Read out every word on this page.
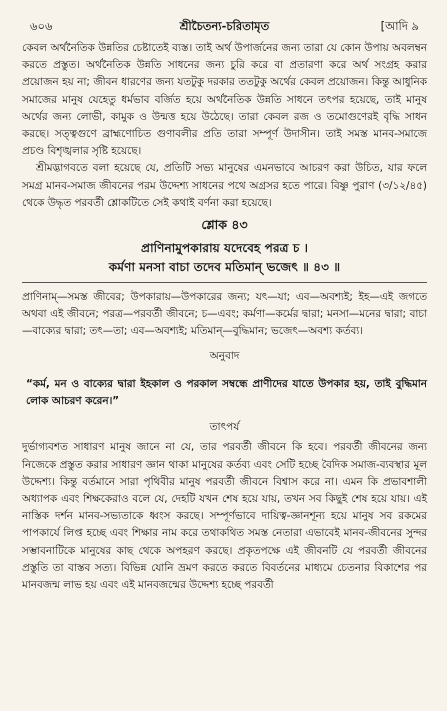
৬০৬	শ্রীচৈতন্য-চরিতামৃত	[আদি ৯

কেবল অর্থনৈতিক উন্নতির চেষ্টাতেই ব্যস্ত। তাই অর্থ উপার্জনের জন্য তারা যে কোন উপায় অবলম্বন করতে প্রস্তুত। অর্থনৈতিক উন্নতি সাধনের জন্য চুরি করে বা প্রতারণা করে অর্থ সংগ্রহ করার প্রয়োজন হয় না; জীবন ধারণের জন্য যতটুকু দরকার ততটুকু অর্থের কেবল প্রয়োজন। কিন্তু আধুনিক সমাজের মানুষ যেহেতু ধর্মভাব বর্জিত হয়ে অর্থনৈতিক উন্নতি সাধনে তৎপর হয়েছে, তাই মানুষ অর্থের জন্য লোভী, কামুক ও উন্মত্ত হয়ে উঠেছে। তারা কেবল রজ ও তমোগুণেরই বৃদ্ধি সাধন করছে। সত্ত্বগুণে ব্রাহ্মণোচিত গুণাবলীর প্রতি তারা সম্পূর্ণ উদাসীন। তাই সমস্ত মানব-সমাজে প্রচণ্ড বিশৃঙ্খলার সৃষ্টি হয়েছে।

শ্রীমদ্ভাগবতে বলা হয়েছে যে, প্রতিটি সভ্য মানুষের এমনভাবে আচরণ করা উচিত, যার ফলে সমগ্র মানব-সমাজ জীবনের পরম উদ্দেশ্য সাধনের পথে অগ্রসর হতে পারে। বিষ্ণু পুরাণ (৩/১২/৪৫) থেকে উদ্ধৃত পরবর্তী শ্লোকটিতে সেই কথাই বর্ণনা করা হয়েছে।

শ্লোক ৪৩
প্রাণিনামুপকারায় যদেবেহ পরত্র চ ।
কর্মণা মনসা বাচা তদেব মতিমান্ ভজেৎ ॥ ৪৩ ॥

প্রাণিনাম্—সমস্ত জীবের; উপকারায়—উপকারের জন্য; যৎ—যা; এব—অবশ্যই; ইহ—এই জগতে অথবা এই জীবনে; পরত্র—পরবর্তী জীবনে; চ—এবং; কর্মণা—কর্মের দ্বারা; মনসা—মনের দ্বারা; বাচা—বাক্যের দ্বারা; তৎ—তা; এব—অবশ্যই; মতিমান্—বুদ্ধিমান; ভজেৎ—অবশ্য কর্তব্য।

অনুবাদ

“কর্ম, মন ও বাক্যের দ্বারা ইহকাল ও পরকাল সম্বন্ধে প্রাণীদের যাতে উপকার হয়, তাই বুদ্ধিমান লোক আচরণ করেন।”

তাৎপর্য

দুর্ভাগ্যবশত সাধারণ মানুষ জানে না যে, তার পরবর্তী জীবনে কি হবে। পরবর্তী জীবনের জন্য নিজেকে প্রস্তুত করার সাধারণ জ্ঞান থাকা মানুষের কর্তব্য এবং সেটি হচ্ছে বৈদিক সমাজ-ব্যবস্থার মূল উদ্দেশ্য। কিন্তু বর্তমানে সারা পৃথিবীর মানুষ পরবর্তী জীবনে বিশ্বাস করে না। এমন কি প্রভাবশালী অধ্যাপক এবং শিক্ষকেরাও বলে যে, দেহটি যখন শেষ হয়ে যায়, তখন সব কিছুই শেষ হয়ে যায়। এই নাস্তিক দর্শন মানব-সভ্যতাকে ধ্বংস করছে। সম্পূর্ণভাবে দায়িত্ব-জ্ঞানশূন্য হয়ে মানুষ সব রকমের পাপকার্যে লিপ্ত হচ্ছে এবং শিক্ষার নাম করে তথাকথিত সমস্ত নেতারা এভাবেই মানব-জীবনের সুন্দর সম্ভাবনাটিকে মানুষের কাছ থেকে অপহরণ করছে। প্রকৃতপক্ষে এই জীবনটি যে পরবর্তী জীবনের প্রস্তুতি তা বাস্তব সত্য। বিভিন্ন যোনি ভ্রমণ করতে করতে বিবর্তনের মাধ্যমে চেতনার বিকাশের পর মানবজন্ম লাভ হয় এবং এই মানবজন্মের উদ্দেশ্য হচ্ছে পরবর্তী
